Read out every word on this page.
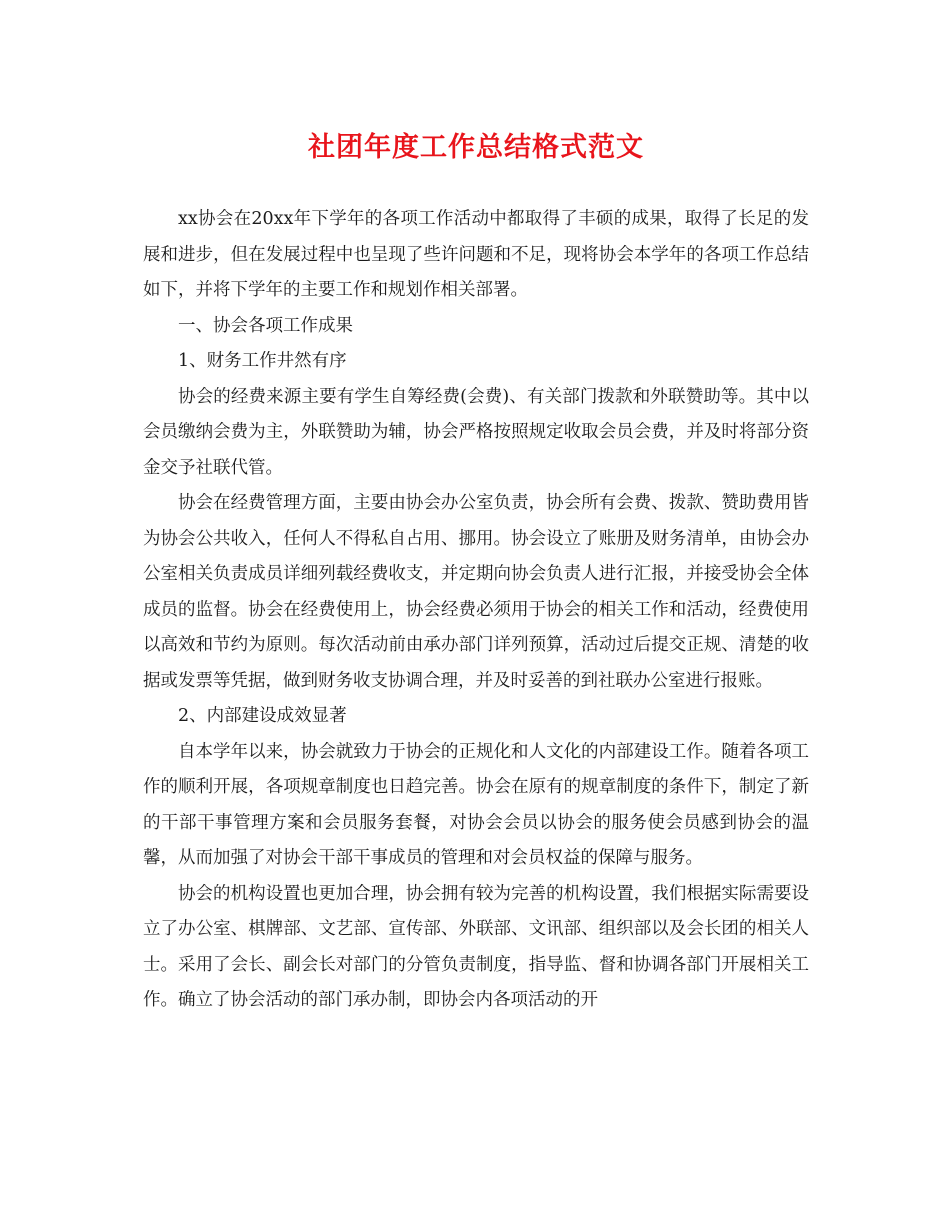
社团年度工作总结格式范文

xx协会在20xx年下学年的各项工作活动中都取得了丰硕的成果，取得了长足的发展和进步，但在发展过程中也呈现了些许问题和不足，现将协会本学年的各项工作总结如下，并将下学年的主要工作和规划作相关部署。

一、协会各项工作成果

1、财务工作井然有序

协会的经费来源主要有学生自筹经费(会费)、有关部门拨款和外联赞助等。其中以会员缴纳会费为主，外联赞助为辅，协会严格按照规定收取会员会费，并及时将部分资金交予社联代管。

协会在经费管理方面，主要由协会办公室负责，协会所有会费、拨款、赞助费用皆为协会公共收入，任何人不得私自占用、挪用。协会设立了账册及财务清单，由协会办公室相关负责成员详细列载经费收支，并定期向协会负责人进行汇报，并接受协会全体成员的监督。协会在经费使用上，协会经费必须用于协会的相关工作和活动，经费使用以高效和节约为原则。每次活动前由承办部门详列预算，活动过后提交正规、清楚的收据或发票等凭据，做到财务收支协调合理，并及时妥善的到社联办公室进行报账。

2、内部建设成效显著

自本学年以来，协会就致力于协会的正规化和人文化的内部建设工作。随着各项工作的顺利开展，各项规章制度也日趋完善。协会在原有的规章制度的条件下，制定了新的干部干事管理方案和会员服务套餐，对协会会员以协会的服务使会员感到协会的温馨，从而加强了对协会干部干事成员的管理和对会员权益的保障与服务。

协会的机构设置也更加合理，协会拥有较为完善的机构设置，我们根据实际需要设立了办公室、棋牌部、文艺部、宣传部、外联部、文讯部、组织部以及会长团的相关人士。采用了会长、副会长对部门的分管负责制度，指导监、督和协调各部门开展相关工作。确立了协会活动的部门承办制，即协会内各项活动的开
